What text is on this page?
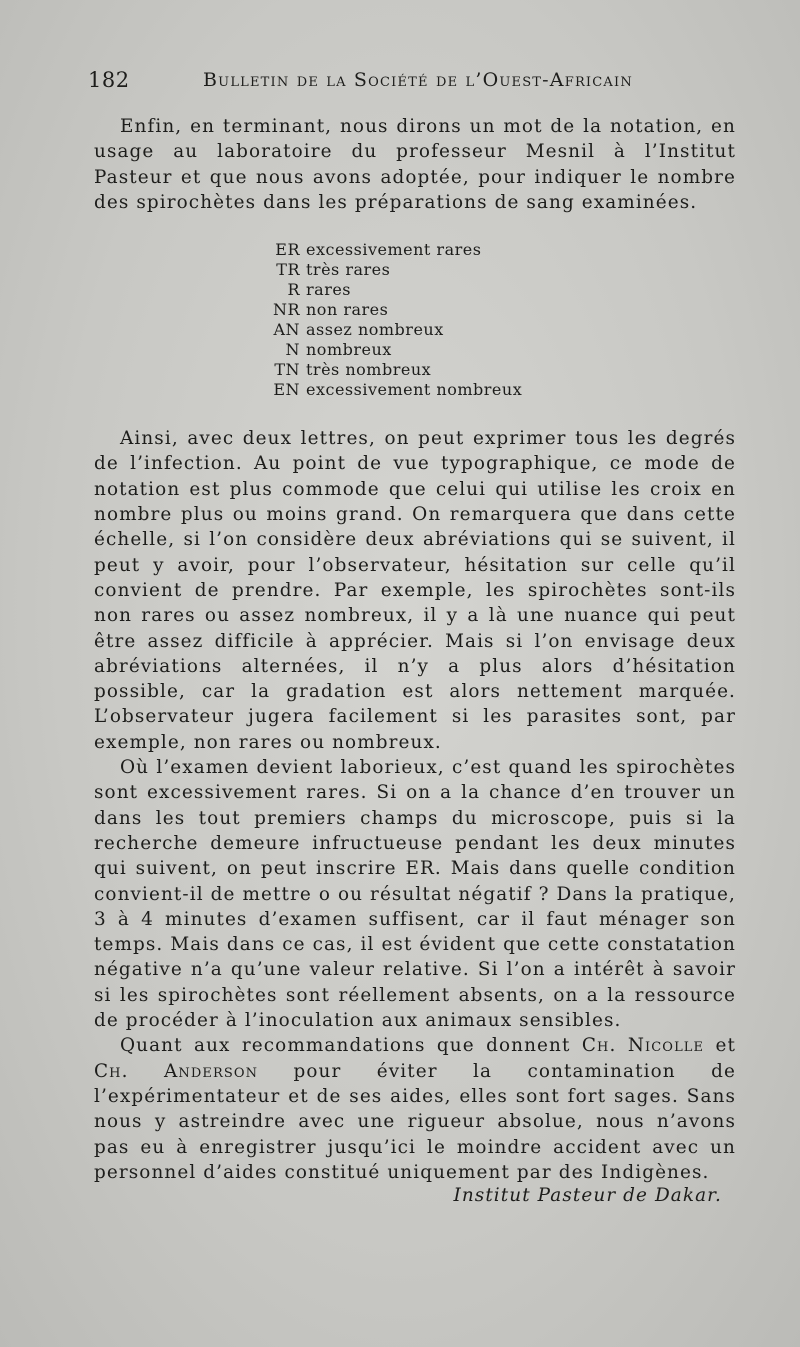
182	Bulletin de la Société de l’Ouest-Africain

Enfin, en terminant, nous dirons un mot de la notation, en usage au laboratoire du professeur Mesnil à l’Institut Pasteur et que nous avons adoptée, pour indiquer le nombre des spirochètes dans les préparations de sang examinées.

ER excessivement rares
TR très rares
R rares
NR non rares
AN assez nombreux
N nombreux
TN très nombreux
EN excessivement nombreux

Ainsi, avec deux lettres, on peut exprimer tous les degrés de l’infection. Au point de vue typographique, ce mode de notation est plus commode que celui qui utilise les croix en nombre plus ou moins grand. On remarquera que dans cette échelle, si l’on considère deux abréviations qui se suivent, il peut y avoir, pour l’observateur, hésitation sur celle qu’il convient de prendre. Par exemple, les spirochètes sont-ils non rares ou assez nombreux, il y a là une nuance qui peut être assez difficile à apprécier. Mais si l’on envisage deux abréviations alternées, il n’y a plus alors d’hésitation possible, car la gradation est alors nettement marquée. L’observateur jugera facilement si les parasites sont, par exemple, non rares ou nombreux.

Où l’examen devient laborieux, c’est quand les spirochètes sont excessivement rares. Si on a la chance d’en trouver un dans les tout premiers champs du microscope, puis si la recherche demeure infructueuse pendant les deux minutes qui suivent, on peut inscrire ER. Mais dans quelle condition convient-il de mettre o ou résultat négatif ? Dans la pratique, 3 à 4 minutes d’examen suffisent, car il faut ménager son temps. Mais dans ce cas, il est évident que cette constatation négative n’a qu’une valeur relative. Si l’on a intérêt à savoir si les spirochètes sont réellement absents, on a la ressource de procéder à l’inoculation aux animaux sensibles.

Quant aux recommandations que donnent Ch. Nicolle et Ch. Anderson pour éviter la contamination de l’expérimentateur et de ses aides, elles sont fort sages. Sans nous y astreindre avec une rigueur absolue, nous n’avons pas eu à enregistrer jusqu’ici le moindre accident avec un personnel d’aides constitué uniquement par des Indigènes.

Institut Pasteur de Dakar.
